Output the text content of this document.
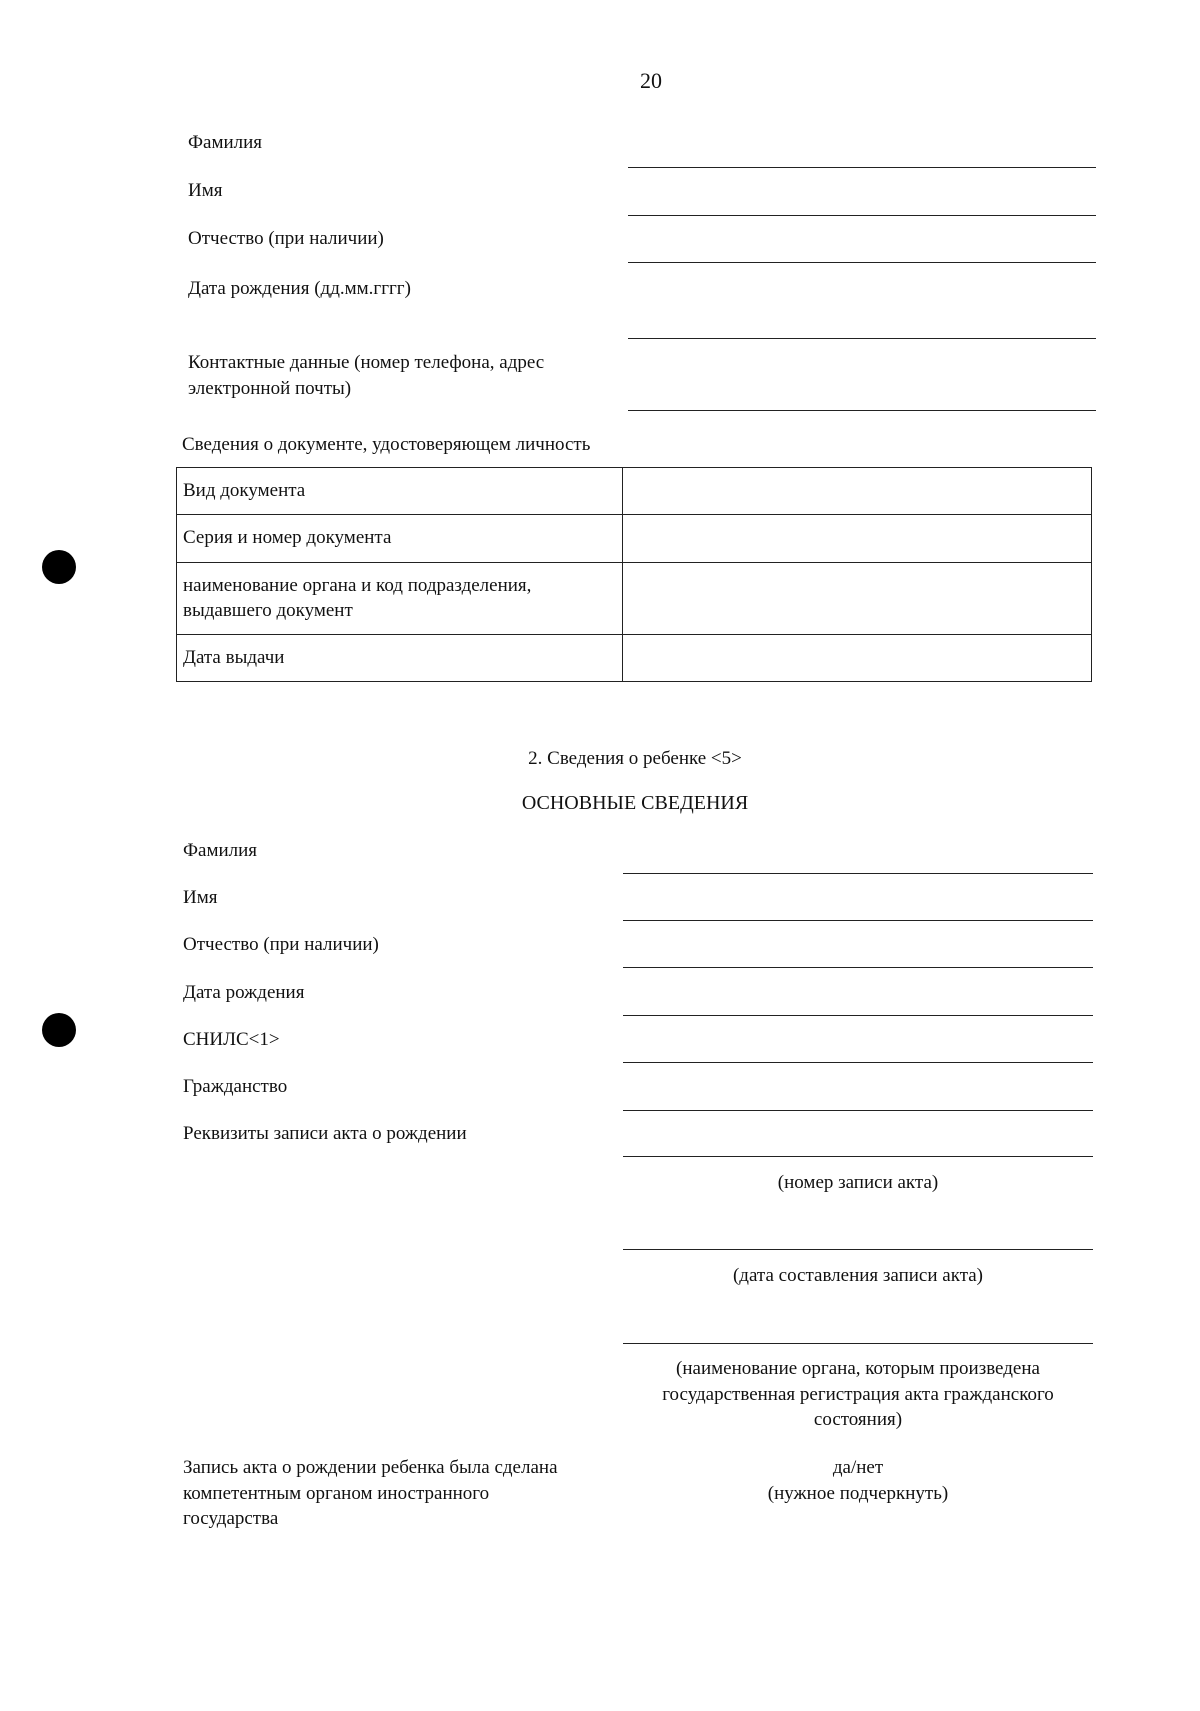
20
Фамилия
Имя
Отчество (при наличии)
Дата рождения (дд.мм.гггг)
Контактные данные (номер телефона, адрес электронной почты)
Сведения о документе, удостоверяющем личность
Вид документа	
Серия и номер документа	
наименование органа и код подразделения, выдавшего документ	
Дата выдачи	
2. Сведения о ребенке <5>
ОСНОВНЫЕ СВЕДЕНИЯ
Фамилия
Имя
Отчество (при наличии)
Дата рождения
СНИЛС<1>
Гражданство
Реквизиты записи акта о рождении
(номер записи акта)
(дата составления записи акта)
(наименование органа, которым произведена государственная регистрация акта гражданского состояния)
Запись акта о рождении ребенка была сделана компетентным органом иностранного государства
да/нет
(нужное подчеркнуть)
